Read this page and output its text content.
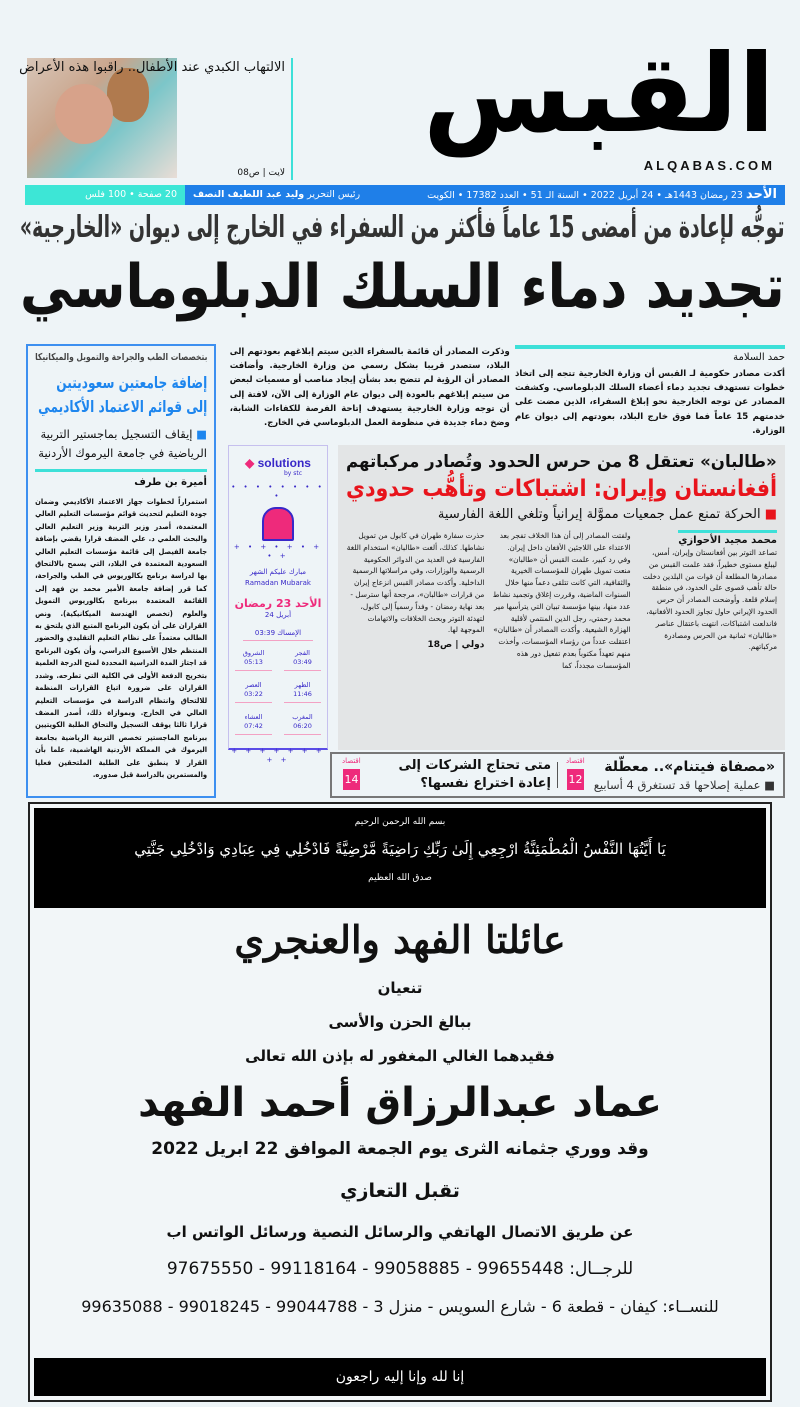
القبس
ALQABAS.COM
الالتهاب الكبدي عند الأطفال.. راقبوا هذه الأعراض
لايت | ص08
الأحد 23 رمضان 1443هـ • 24 أبريل 2022 • السنة الـ 51 • العدد 17382 • الكويت
رئيس التحرير وليد عبد اللطيف النصف
20 صفحة • 100 فلس
توجُّه لإعادة من أمضى 15 عاماً فأكثر من السفراء في الخارج إلى ديوان «الخارجية»
تجديد دماء السلك الدبلوماسي
حمد السلامة
أكدت مصادر حكومية لـ القبس أن وزارة الخارجية تتجه إلى اتخاذ خطوات تستهدف تجديد دماء أعضاء السلك الدبلوماسي. وكشفت المصادر عن توجه الخارجية نحو إبلاغ السفراء، الذين مضت على خدمتهم 15 عاماً فما فوق خارج البلاد، بعودتهم إلى ديوان عام الوزارة.
وذكرت المصادر أن قائمة بالسفراء الذين سيتم إبلاغهم بعودتهم إلى البلاد، ستصدر قريبا بشكل رسمي من وزارة الخارجية. وأضافت المصادر أن الرؤية لم تتضح بعد بشأن إيجاد مناصب أو مسميات لبعض من سيتم إبلاغهم بالعودة إلى ديوان عام الوزارة إلى الآن، لافتة إلى أن توجه وزارة الخارجية يستهدف إتاحة الفرصة للكفاءات الشابة، وضخ دماء جديدة في منظومة العمل الدبلوماسي في الخارج.
بتخصصات الطب والجراحة والتمويل والميكانيكا
إضافة جامعتين سعوديتين إلى قوائم الاعتماد الأكاديمي
■ إيقاف التسجيل بماجستير التربية الرياضية في جامعة اليرموك الأردنية
أميرة بن طرف
استمراراً لخطوات جهاز الاعتماد الأكاديمي وضمان جودة التعليم لتحديث قوائم مؤسسات التعليم العالي المعتمدة، أصدر وزير التربية وزير التعليم العالي والبحث العلمي د. علي المضف قرارا يقضي بإضافة جامعة الفيصل إلى قائمة مؤسسات التعليم العالي السعودية المعتمدة في البلاد، التي يسمح بالالتحاق بها لدراسة برنامج بكالوريوس في الطب والجراحة، كما قرر إضافة جامعة الأمير محمد بن فهد إلى القائمة المعتمدة ببرنامج بكالوريوس التمويل والعلوم (تخصص الهندسة الميكانيكية). ونص القراران على أن يكون البرنامج المتبع الذي يلتحق به الطالب معتمداً على نظام التعليم التقليدي والحضور المنتظم خلال الأسبوع الدراسي، وأن يكون البرنامج قد اجتاز المدة الدراسية المحددة لمنح الدرجة العلمية بتخريج الدفعة الأولى في الكلية التي تطرحه. وشدد القراران على ضرورة اتباع القرارات المنظمة للالتحاق وانتظام الدراسة في مؤسسات التعليم العالي في الخارج. وبموازاة ذلك، أصدر المضف قرارا ثالثا يوقف التسجيل والتحاق الطلبة الكويتيين ببرنامج الماجستير تخصص التربية الرياضية بجامعة اليرموك في المملكة الأردنية الهاشمية، علما بأن القرار لا ينطبق على الطلبة الملتحقين فعليا والمستمرين بالدراسة قبل صدوره.
◆ solutions
by stc
• • • • • • • • •
+ • + • + • + • +
مبارك عليكم الشهر
Ramadan Mubarak
الأحد 23 رمضان
24 أبريل
الإمساك 03:39
الفجر
03:49
الشروق
05:13
الظهر
11:46
العصر
03:22
المغرب
06:20
العشاء
07:42
+ + + + + + + + +
«طالبان» تعتقل 8 من حرس الحدود وتُصادر مركباتهم
أفغانستان وإيران: اشتباكات وتأهُّب حدودي
■ الحركة تمنع عمل جمعيات مموَّلة إيرانياً وتلغي اللغة الفارسية
محمد مجيد الأحوازي
تصاعد التوتر بين أفغانستان وإيران، أمس، ليبلغ مستوى خطيراً، فقد علمت القبس من مصادرها المطلعة أن قوات من البلدين دخلت حالة تأهب قصوى على الحدود، في منطقة إسلام قلعة. وأوضحت المصادر أن حرس الحدود الإيراني حاول تجاوز الحدود الأفغانية، فاندلعت اشتباكات، انتهت باعتقال عناصر «طالبان» ثمانية من الحرس ومصادرة مركباتهم.
ولفتت المصادر إلى أن هذا الخلاف تفجر بعد الاعتداء على اللاجئين الأفغان داخل إيران. وفي رد كبير، علمت القبس أن «طالبان» منعت تمويل طهران للمؤسسات الخيرية والثقافية، التي كانت تتلقى دعماً منها خلال السنوات الماضية، وقررت إغلاق وتجميد نشاط عدد منها، بينها مؤسسة تبيان التي يترأسها مير محمد رحمتي، رجل الدين المنتمي لأقلية الهزارة الشيعية. وأكدت المصادر أن «طالبان» اعتقلت عدداً من رؤساء المؤسسات، وأخذت منهم تعهداً مكتوباً بعدم تفعيل دور هذه المؤسسات مجدداً، كما
حذرت سفارة طهران في كابول من تمويل نشاطها. كذلك، ألغت «طالبان» استخدام اللغة الفارسية في العديد من الدوائر الحكومية الرسمية والوزارات، وفي مراسلاتها الرسمية الداخلية. وأكدت مصادر القبس انزعاج إيران من قرارات «طالبان»، مرجحة أنها سترسل - بعد نهاية رمضان - وفداً رسمياً إلى كابول، لتهدئة التوتر وبحث الخلافات والاتهامات الموجهة لها.
دولي | ص18
«مصفاة فيتنام».. معطّلة
■ عملية إصلاحها قد تستغرق 4 أسابيع
اقتصاد
12
متى تحتاج الشركات إلى إعادة اختراع نفسها؟
اقتصاد
14
بسم الله الرحمن الرحيم
يَا أَيَّتُهَا النَّفْسُ الْمُطْمَئِنَّةُ ارْجِعِي إِلَىٰ رَبِّكِ رَاضِيَةً مَّرْضِيَّةً فَادْخُلِي فِي عِبَادِي وَادْخُلِي جَنَّتِي
صدق الله العظيم
عائلتا الفهد والعنجري
تنعيان
ببالغ الحزن والأسى
فقيدهما الغالي المغفور له بإذن الله تعالى
عماد عبدالرزاق أحمد الفهد
وقد ووري جثمانه الثرى يوم الجمعة الموافق 22 ابريل 2022
تقبل التعازي
عن طريق الاتصال الهاتفي والرسائل النصية ورسائل الواتس اب
للرجــال: 99655448 - 99058885 - 99118164 - 97675550
للنســاء: كيفان - قطعة 6 - شارع السويس - منزل 3 - 99044788 - 99018245 - 99635088
إنا لله وإنا إليه راجعون
